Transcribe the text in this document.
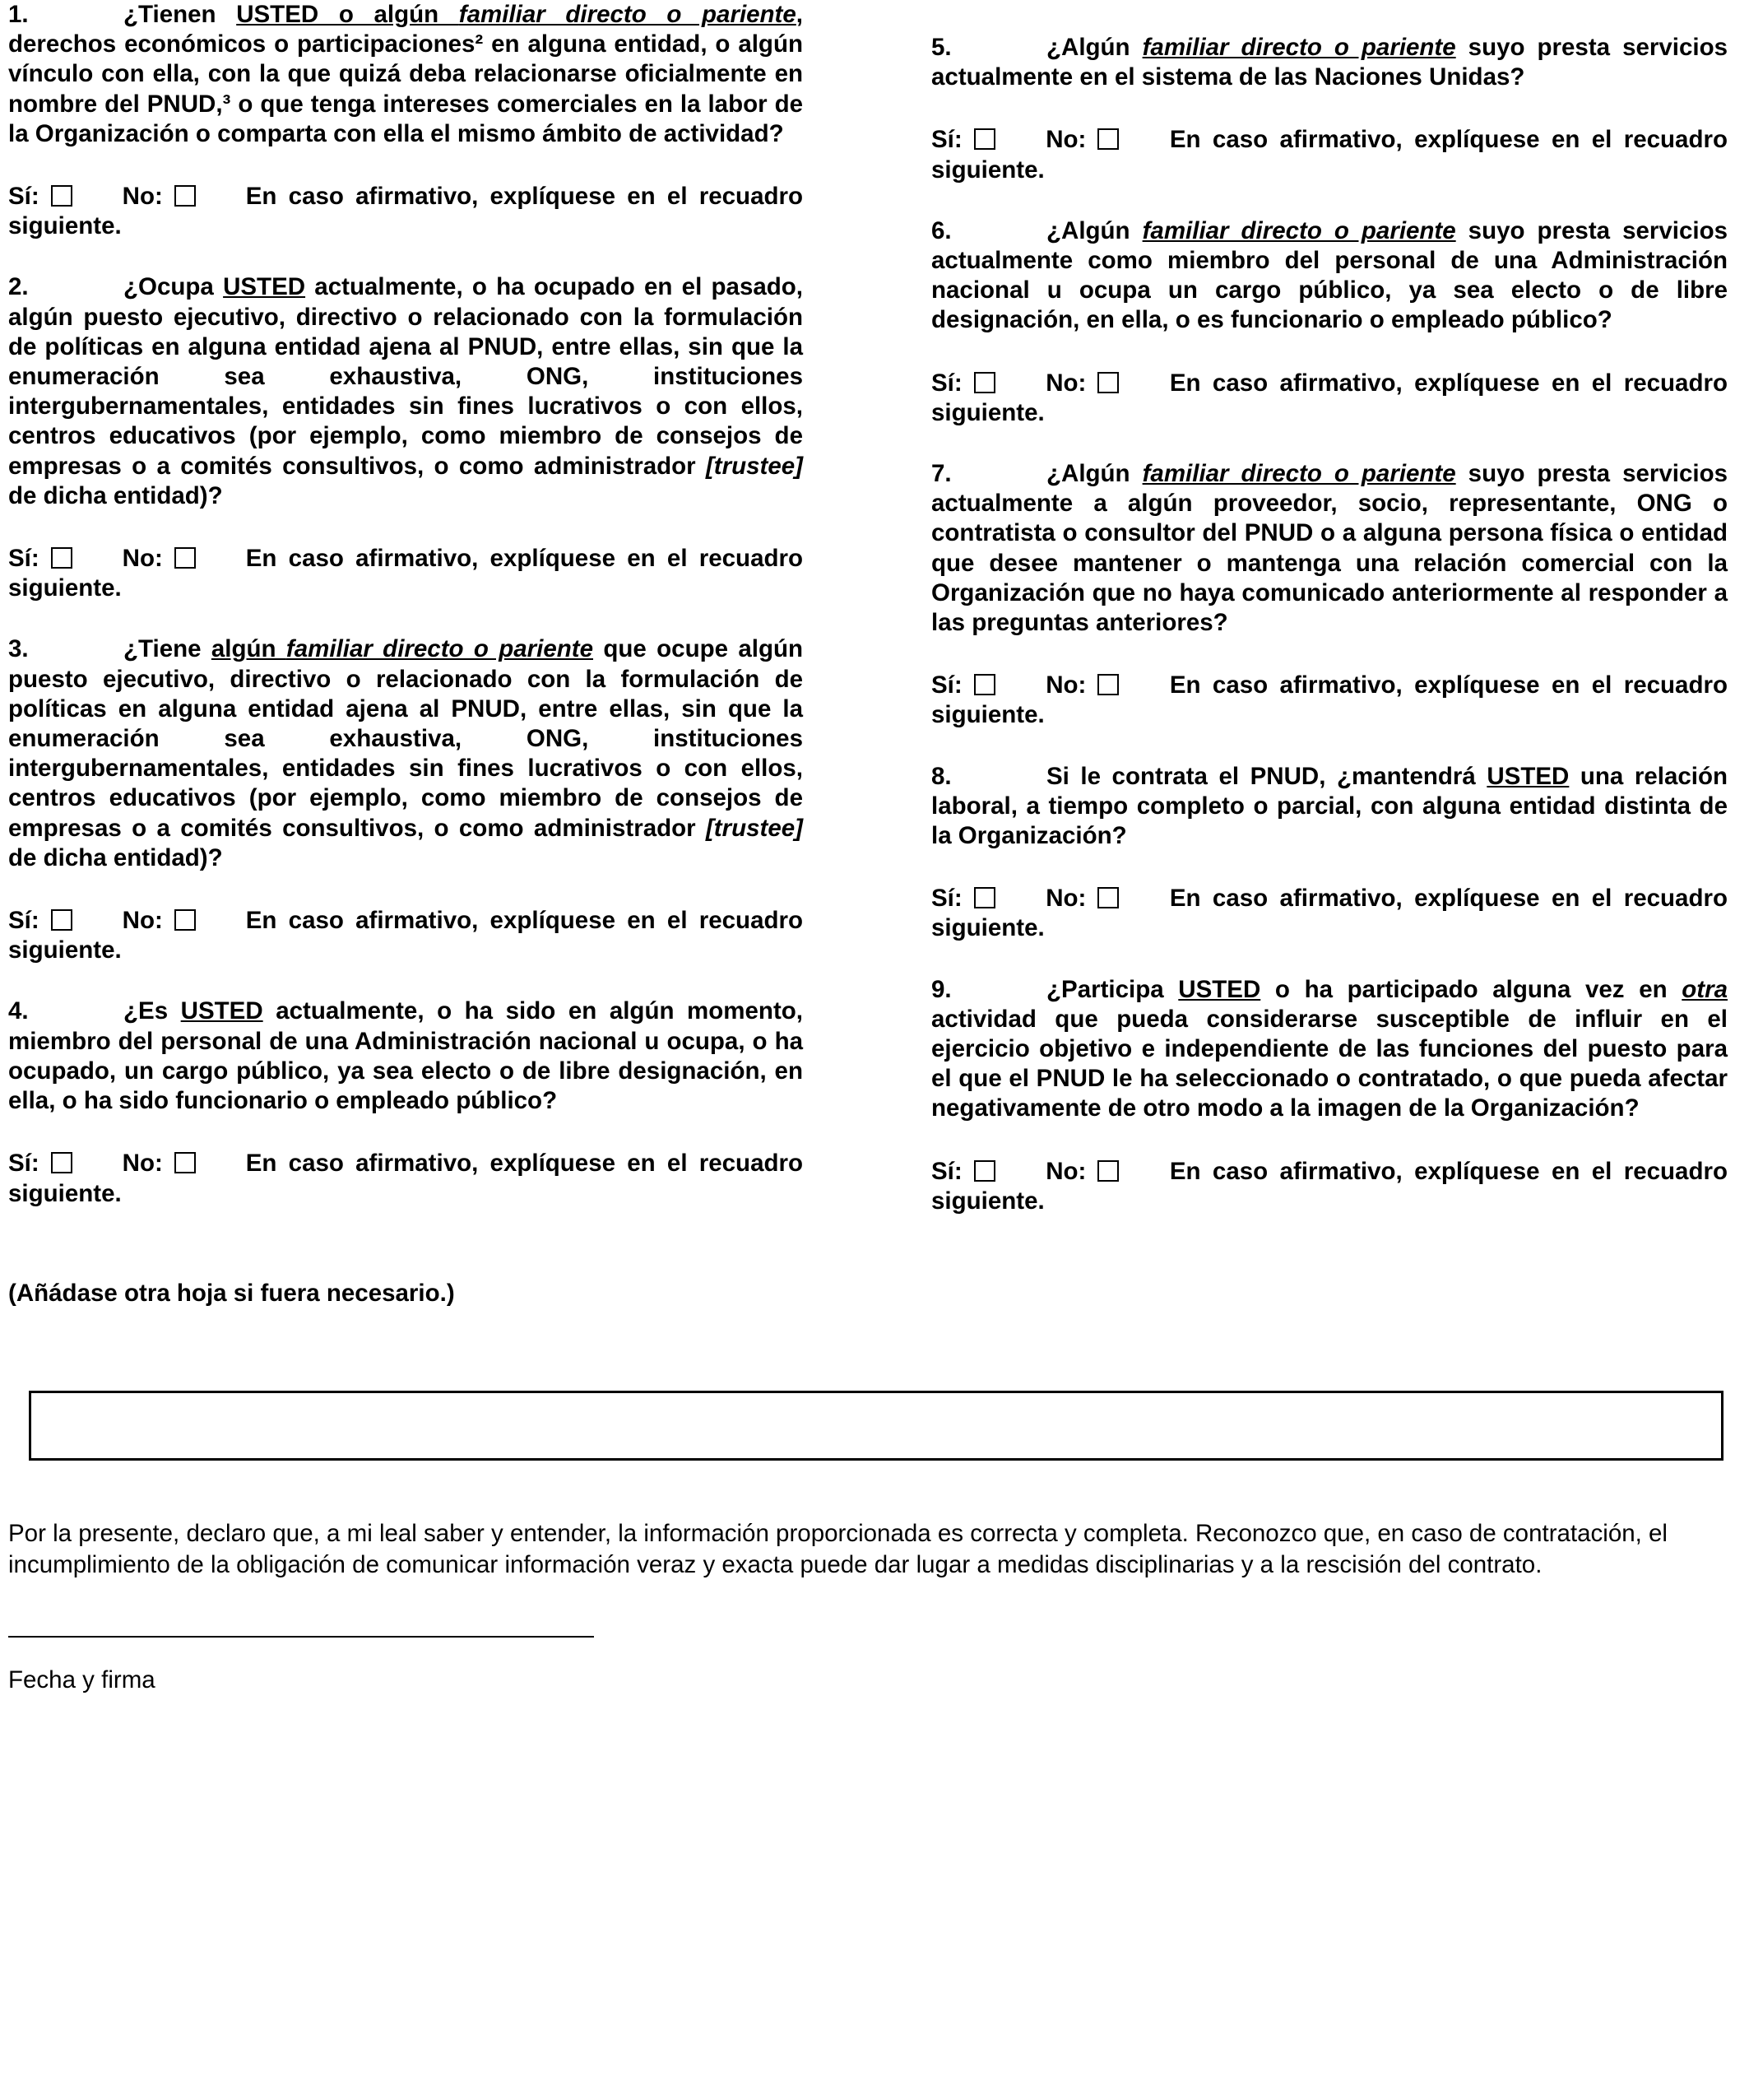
1.	¿Tienen USTED o algún familiar directo o pariente, derechos económicos o participaciones² en alguna entidad, o algún vínculo con ella, con la que quizá deba relacionarse oficialmente en nombre del PNUD,³ o que tenga intereses comerciales en la labor de la Organización o comparta con ella el mismo ámbito de actividad?

Sí:	No:	En caso afirmativo, explíquese en el recuadro siguiente.

2.	¿Ocupa USTED actualmente, o ha ocupado en el pasado, algún puesto ejecutivo, directivo o relacionado con la formulación de políticas en alguna entidad ajena al PNUD, entre ellas, sin que la enumeración sea exhaustiva, ONG, instituciones intergubernamentales, entidades sin fines lucrativos o con ellos, centros educativos (por ejemplo, como miembro de consejos de empresas o a comités consultivos, o como administrador [trustee] de dicha entidad)?

Sí:	No:	En caso afirmativo, explíquese en el recuadro siguiente.

3.	¿Tiene algún familiar directo o pariente que ocupe algún puesto ejecutivo, directivo o relacionado con la formulación de políticas en alguna entidad ajena al PNUD, entre ellas, sin que la enumeración sea exhaustiva, ONG, instituciones intergubernamentales, entidades sin fines lucrativos o con ellos, centros educativos (por ejemplo, como miembro de consejos de empresas o a comités consultivos, o como administrador [trustee] de dicha entidad)?

Sí:	No:	En caso afirmativo, explíquese en el recuadro siguiente.

4.	¿Es USTED actualmente, o ha sido en algún momento, miembro del personal de una Administración nacional u ocupa, o ha ocupado, un cargo público, ya sea electo o de libre designación, en ella, o ha sido funcionario o empleado público?

Sí:	No:	En caso afirmativo, explíquese en el recuadro siguiente.

5.	¿Algún familiar directo o pariente suyo presta servicios actualmente en el sistema de las Naciones Unidas?

Sí:	No:	En caso afirmativo, explíquese en el recuadro siguiente.

6.	¿Algún familiar directo o pariente suyo presta servicios actualmente como miembro del personal de una Administración nacional u ocupa un cargo público, ya sea electo o de libre designación, en ella, o es funcionario o empleado público?

Sí:	No:	En caso afirmativo, explíquese en el recuadro siguiente.

7.	¿Algún familiar directo o pariente suyo presta servicios actualmente a algún proveedor, socio, representante, ONG o contratista o consultor del PNUD o a alguna persona física o entidad que desee mantener o mantenga una relación comercial con la Organización que no haya comunicado anteriormente al responder a las preguntas anteriores?

Sí:	No:	En caso afirmativo, explíquese en el recuadro siguiente.

8.	Si le contrata el PNUD, ¿mantendrá USTED una relación laboral, a tiempo completo o parcial, con alguna entidad distinta de la Organización?

Sí:	No:	En caso afirmativo, explíquese en el recuadro siguiente.

9.	¿Participa USTED o ha participado alguna vez en otra actividad que pueda considerarse susceptible de influir en el ejercicio objetivo e independiente de las funciones del puesto para el que el PNUD le ha seleccionado o contratado, o que pueda afectar negativamente de otro modo a la imagen de la Organización?

Sí:	No:	En caso afirmativo, explíquese en el recuadro siguiente.

(Añádase otra hoja si fuera necesario.)
Por la presente, declaro que, a mi leal saber y entender, la información proporcionada es correcta y completa. Reconozco que, en caso de contratación, el incumplimiento de la obligación de comunicar información veraz y exacta puede dar lugar a medidas disciplinarias y a la rescisión del contrato.
Fecha y firma
